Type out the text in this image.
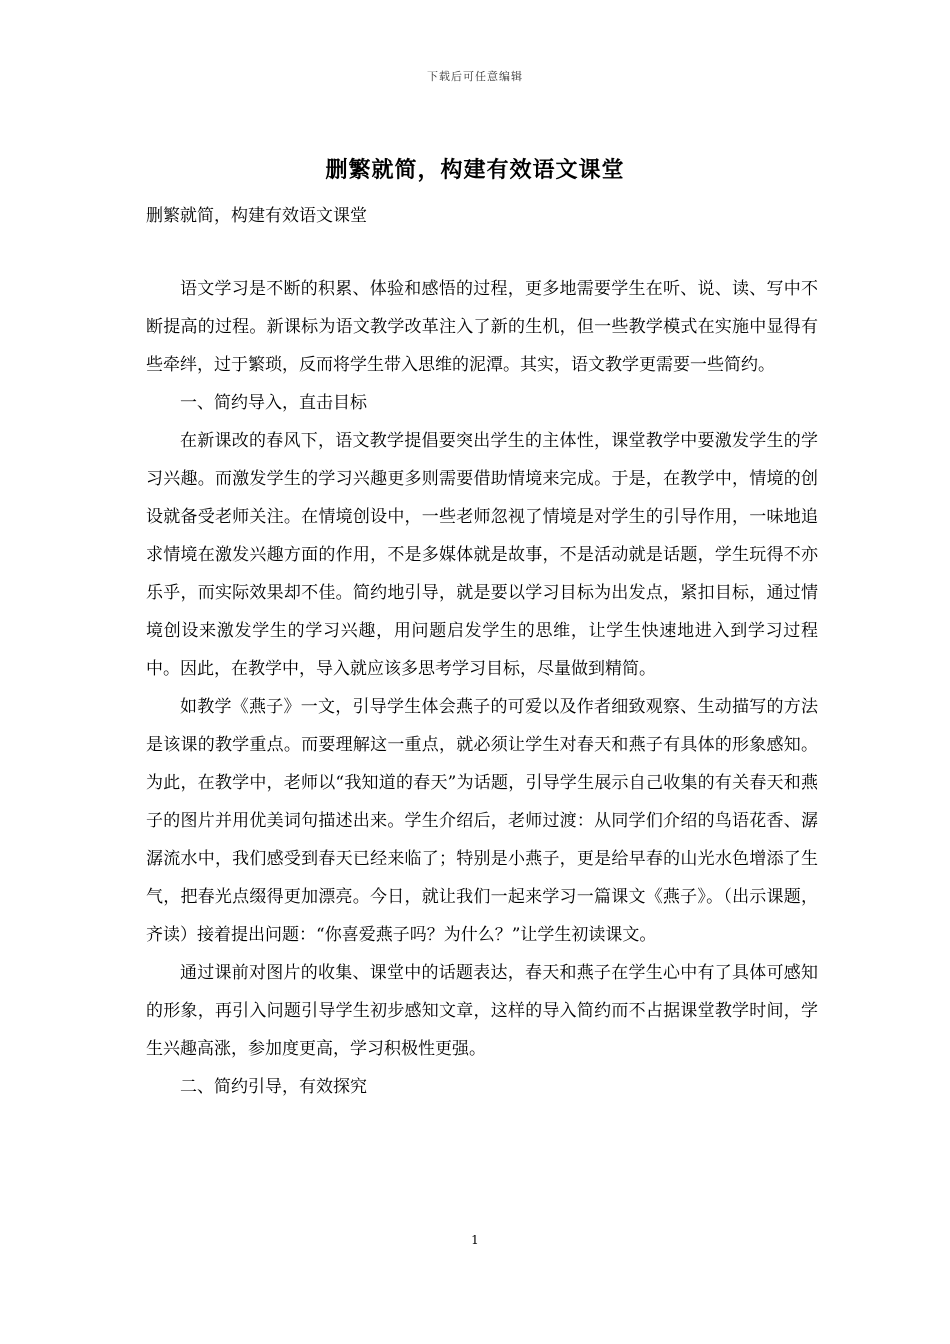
下载后可任意编辑
删繁就简，构建有效语文课堂
删繁就简，构建有效语文课堂

语文学习是不断的积累、体验和感悟的过程，更多地需要学生在听、说、读、写中不断提高的过程。新课标为语文教学改革注入了新的生机，但一些教学模式在实施中显得有些牵绊，过于繁琐，反而将学生带入思维的泥潭。其实，语文教学更需要一些简约。

一、简约导入，直击目标

在新课改的春风下，语文教学提倡要突出学生的主体性，课堂教学中要激发学生的学习兴趣。而激发学生的学习兴趣更多则需要借助情境来完成。于是，在教学中，情境的创设就备受老师关注。在情境创设中，一些老师忽视了情境是对学生的引导作用，一味地追求情境在激发兴趣方面的作用，不是多媒体就是故事，不是活动就是话题，学生玩得不亦乐乎，而实际效果却不佳。简约地引导，就是要以学习目标为出发点，紧扣目标，通过情境创设来激发学生的学习兴趣，用问题启发学生的思维，让学生快速地进入到学习过程中。因此，在教学中，导入就应该多思考学习目标，尽量做到精简。

如教学《燕子》一文，引导学生体会燕子的可爱以及作者细致观察、生动描写的方法是该课的教学重点。而要理解这一重点，就必须让学生对春天和燕子有具体的形象感知。为此，在教学中，老师以“我知道的春天”为话题，引导学生展示自己收集的有关春天和燕子的图片并用优美词句描述出来。学生介绍后，老师过渡：从同学们介绍的鸟语花香、潺潺流水中，我们感受到春天已经来临了；特别是小燕子，更是给早春的山光水色增添了生气，把春光点缀得更加漂亮。今日，就让我们一起来学习一篇课文《燕子》。（出示课题，齐读）接着提出问题：“你喜爱燕子吗？为什么？”让学生初读课文。

通过课前对图片的收集、课堂中的话题表达，春天和燕子在学生心中有了具体可感知的形象，再引入问题引导学生初步感知文章，这样的导入简约而不占据课堂教学时间，学生兴趣高涨，参加度更高，学习积极性更强。

二、简约引导，有效探究

1
